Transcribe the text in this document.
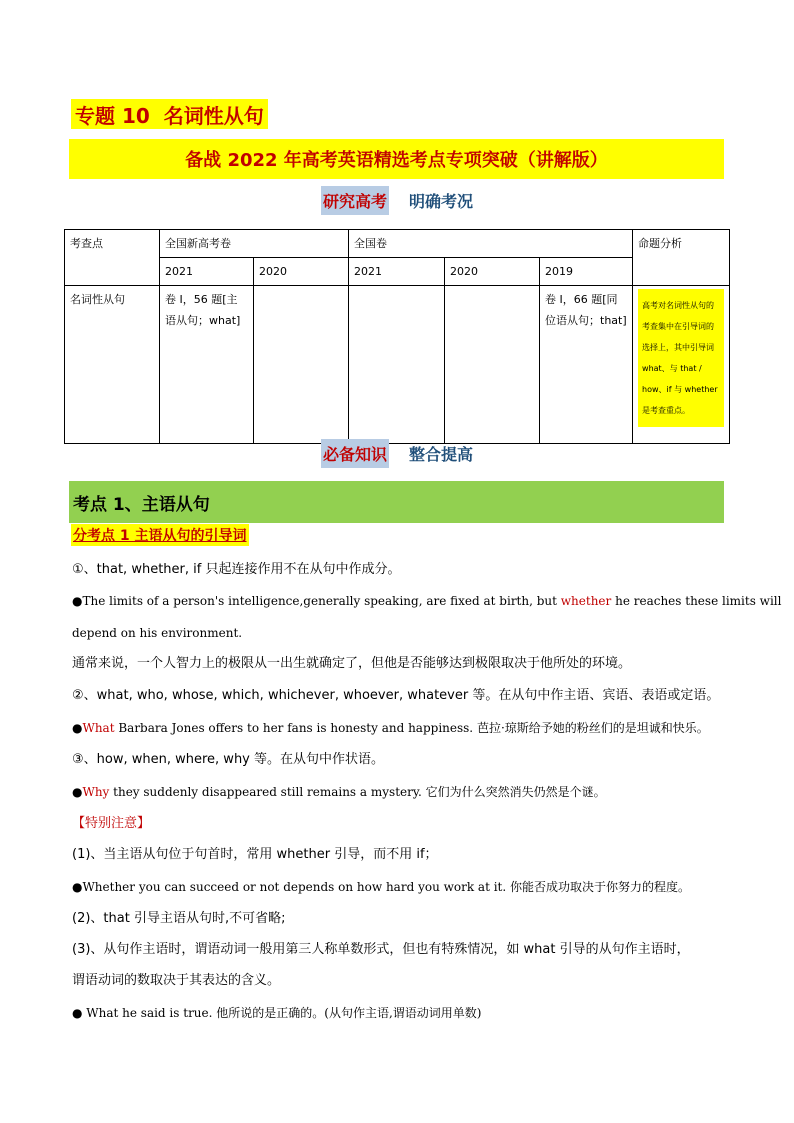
专题 10  名词性从句
备战 2022 年高考英语精选考点专项突破（讲解版）
研究高考 明确考况
考查点	全国新高考卷		全国卷			命题分析
	2021	2020	2021	2020	2019	
名词性从句	卷 I，56 题[主语从句；what]				卷 I，66 题[同位语从句；that]	高考对名词性从句的考查集中在引导词的选择上，其中引导词 what、与 that / how、if 与 whether 是考查重点。
必备知识 整合提高
考点 1、主语从句
分考点 1 主语从句的引导词
①、that, whether, if 只起连接作用不在从句中作成分。
●The limits of a person's intelligence,generally speaking, are fixed at birth, but whether he reaches these limits will
depend on his environment.
通常来说，一个人智力上的极限从一出生就确定了，但他是否能够达到极限取决于他所处的环境。
②、what, who, whose, which, whichever, whoever, whatever 等。在从句中作主语、宾语、表语或定语。
●What Barbara Jones offers to her fans is honesty and happiness. 芭拉·琼斯给予她的粉丝们的是坦诚和快乐。
③、how, when, where, why 等。在从句中作状语。
●Why they suddenly disappeared still remains a mystery. 它们为什么突然消失仍然是个谜。
【特别注意】
(1)、当主语从句位于句首时，常用 whether 引导，而不用 if；
●Whether you can succeed or not depends on how hard you work at it. 你能否成功取决于你努力的程度。
(2)、that 引导主语从句时,不可省略;
(3)、从句作主语时，谓语动词一般用第三人称单数形式，但也有特殊情况，如 what 引导的从句作主语时，
谓语动词的数取决于其表达的含义。
● What he said is true. 他所说的是正确的。(从句作主语,谓语动词用单数)
